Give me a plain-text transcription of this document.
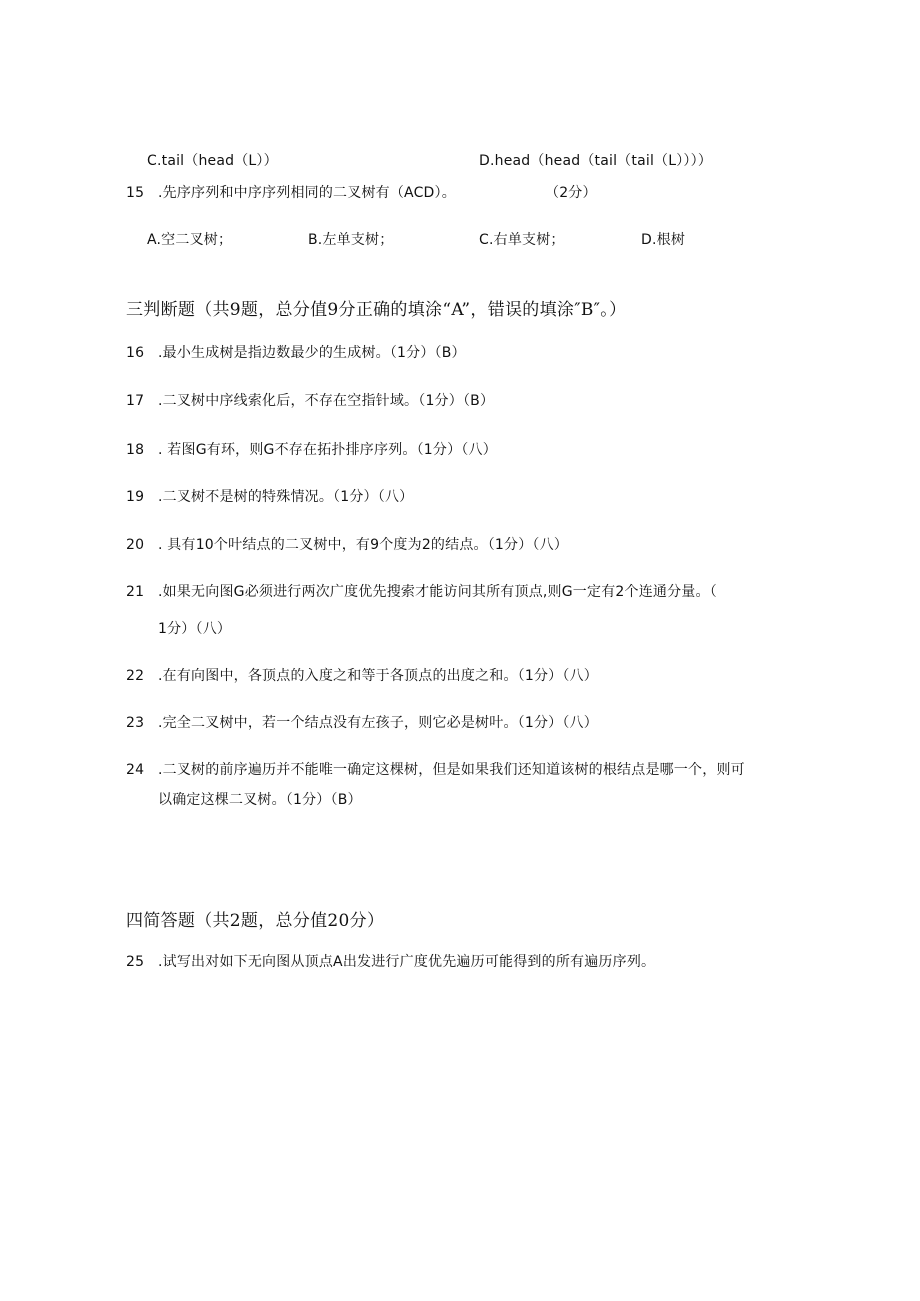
C.tail（head（L））	D.head（head（tail（tail（L））））
15 .先序序列和中序序列相同的二叉树有（ACD）。	（2分）
A.空二叉树；	B.左单支树；	C.右单支树；	D.根树
三判断题（共9题，总分值9分正确的填涂“A”，错误的填涂″B″。）
16 .最小生成树是指边数最少的生成树。（1分）（B）
17 .二叉树中序线索化后，不存在空指针域。（1分）（B）
18 . 若图G有环，则G不存在拓扑排序序列。（1分）（八）
19 .二叉树不是树的特殊情况。（1分）（八）
20 . 具有10个叶结点的二叉树中，有9个度为2的结点。（1分）（八）
21 .如果无向图G必须进行两次广度优先搜索才能访问其所有顶点,则G一定有2个连通分量。（
1分）（八）
22 .在有向图中，各顶点的入度之和等于各顶点的出度之和。（1分）（八）
23 .完全二叉树中，若一个结点没有左孩子，则它必是树叶。（1分）（八）
24 .二叉树的前序遍历并不能唯一确定这棵树，但是如果我们还知道该树的根结点是哪一个，则可
以确定这棵二叉树。（1分）（B）
四简答题（共2题，总分值20分）
25 .试写出对如下无向图从顶点A出发进行广度优先遍历可能得到的所有遍历序列。
